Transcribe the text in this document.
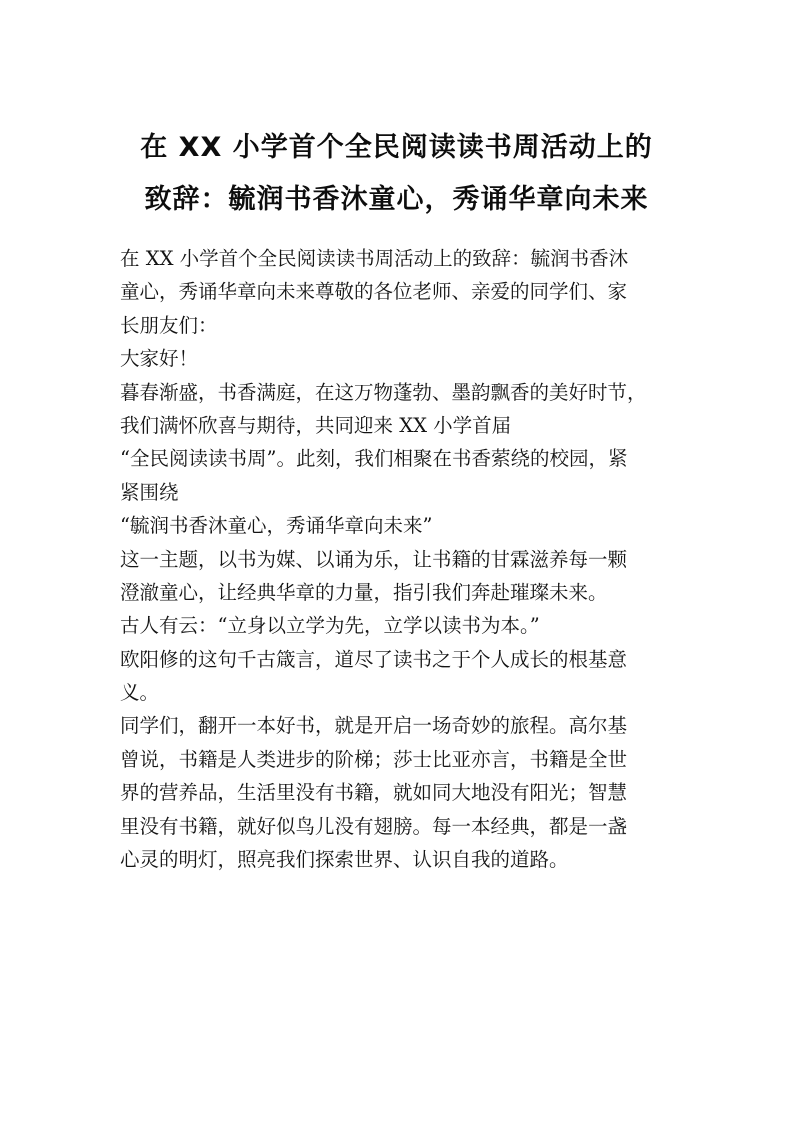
在 XX 小学首个全民阅读读书周活动上的
致辞：毓润书香沐童心，秀诵华章向未来
在 XX 小学首个全民阅读读书周活动上的致辞：毓润书香沐
童心，秀诵华章向未来尊敬的各位老师、亲爱的同学们、家
长朋友们：
大家好！
暮春渐盛，书香满庭，在这万物蓬勃、墨韵飘香的美好时节，
我们满怀欣喜与期待，共同迎来 XX 小学首届
“全民阅读读书周”。此刻，我们相聚在书香萦绕的校园，紧
紧围绕
“毓润书香沐童心，秀诵华章向未来”
这一主题，以书为媒、以诵为乐，让书籍的甘霖滋养每一颗
澄澈童心，让经典华章的力量，指引我们奔赴璀璨未来。
古人有云：“立身以立学为先，立学以读书为本。”
欧阳修的这句千古箴言，道尽了读书之于个人成长的根基意
义。
同学们，翻开一本好书，就是开启一场奇妙的旅程。高尔基
曾说，书籍是人类进步的阶梯；莎士比亚亦言，书籍是全世
界的营养品，生活里没有书籍，就如同大地没有阳光；智慧
里没有书籍，就好似鸟儿没有翅膀。每一本经典，都是一盏
心灵的明灯，照亮我们探索世界、认识自我的道路。
